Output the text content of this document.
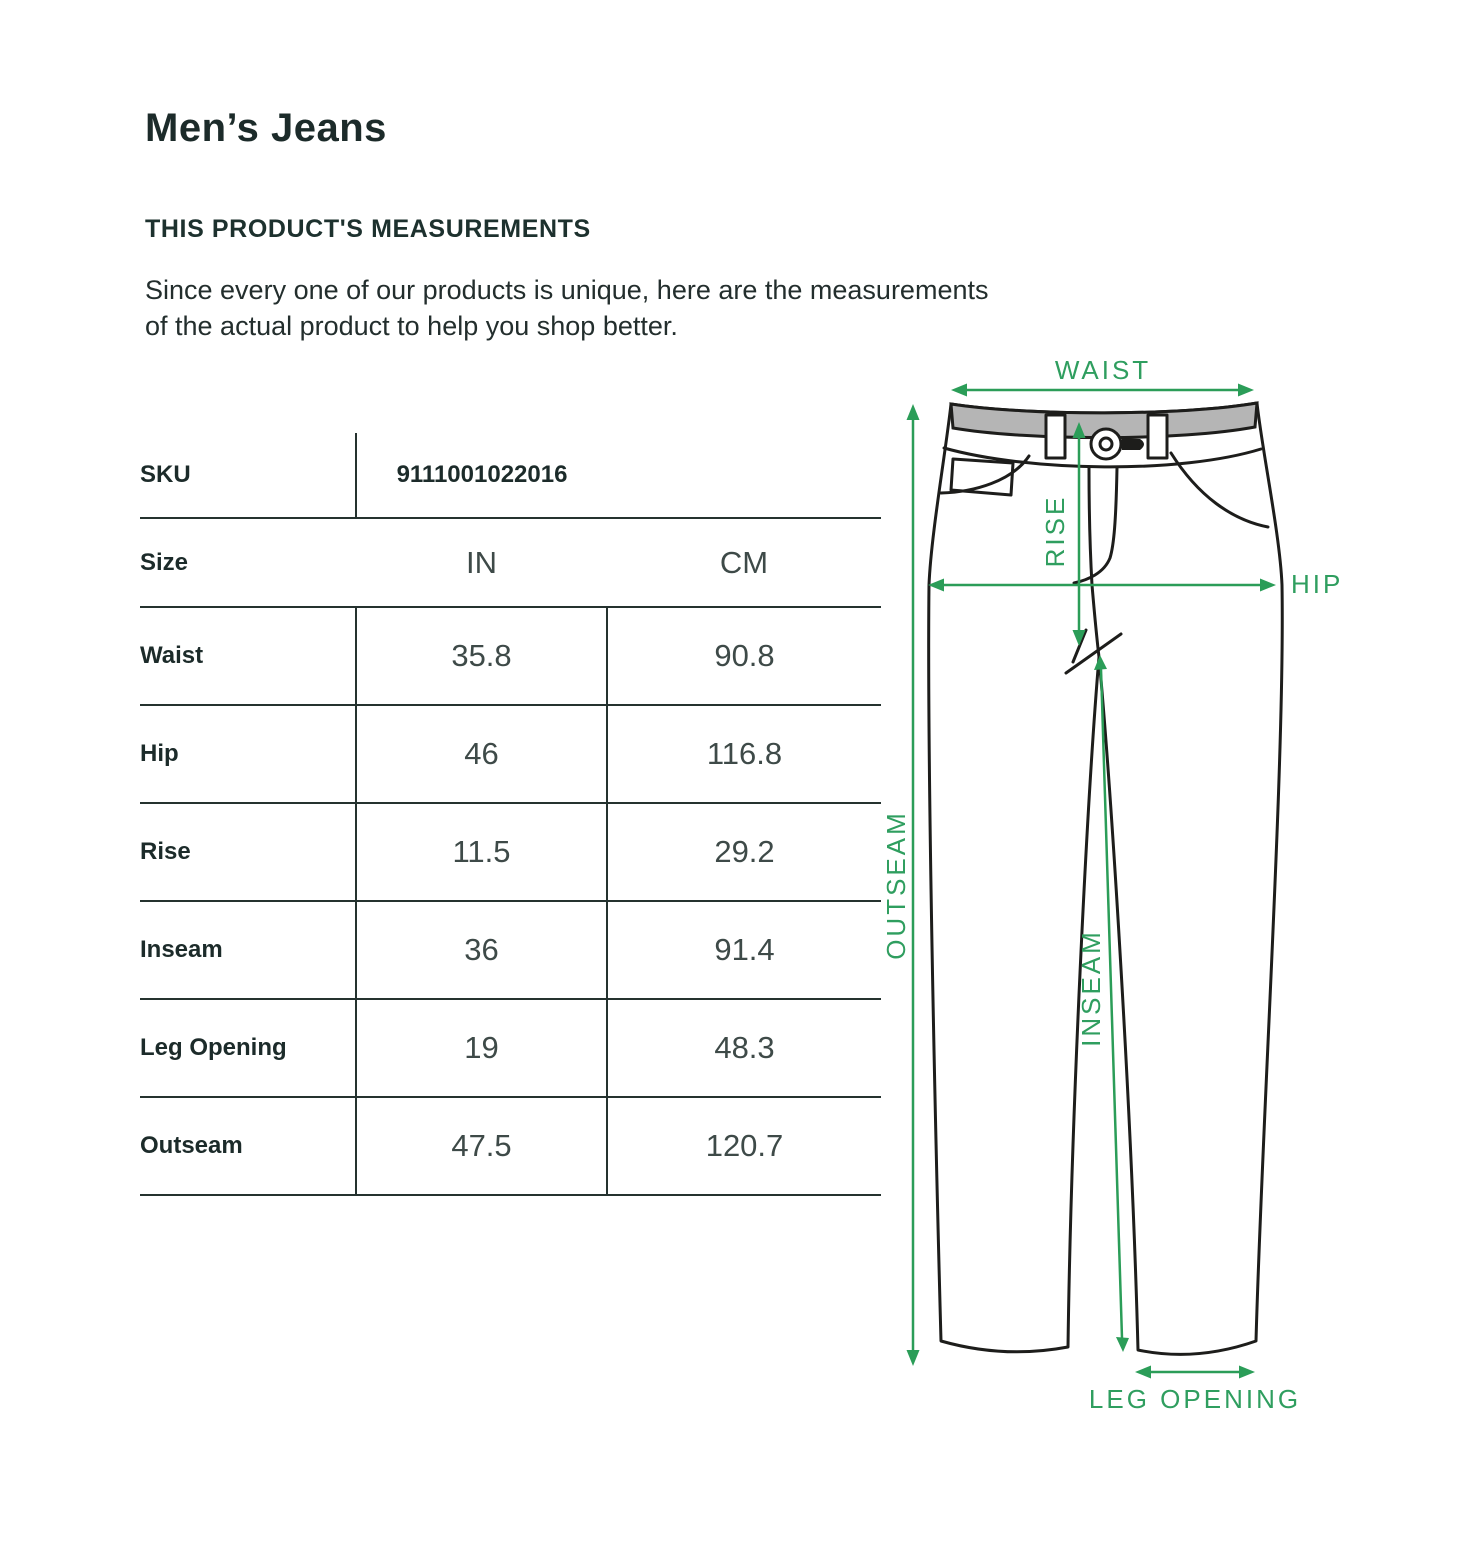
Men’s Jeans
THIS PRODUCT'S MEASUREMENTS
Since every one of our products is unique, here are the measurements
of the actual product to help you shop better.
SKU	9111001022016	
Size	IN	CM
Waist	35.8	90.8
Hip	46	116.8
Rise	11.5	29.2
Inseam	36	91.4
Leg Opening	19	48.3
Outseam	47.5	120.7
WAIST
OUTSEAM
RISE
HIP
INSEAM
LEG OPENING
